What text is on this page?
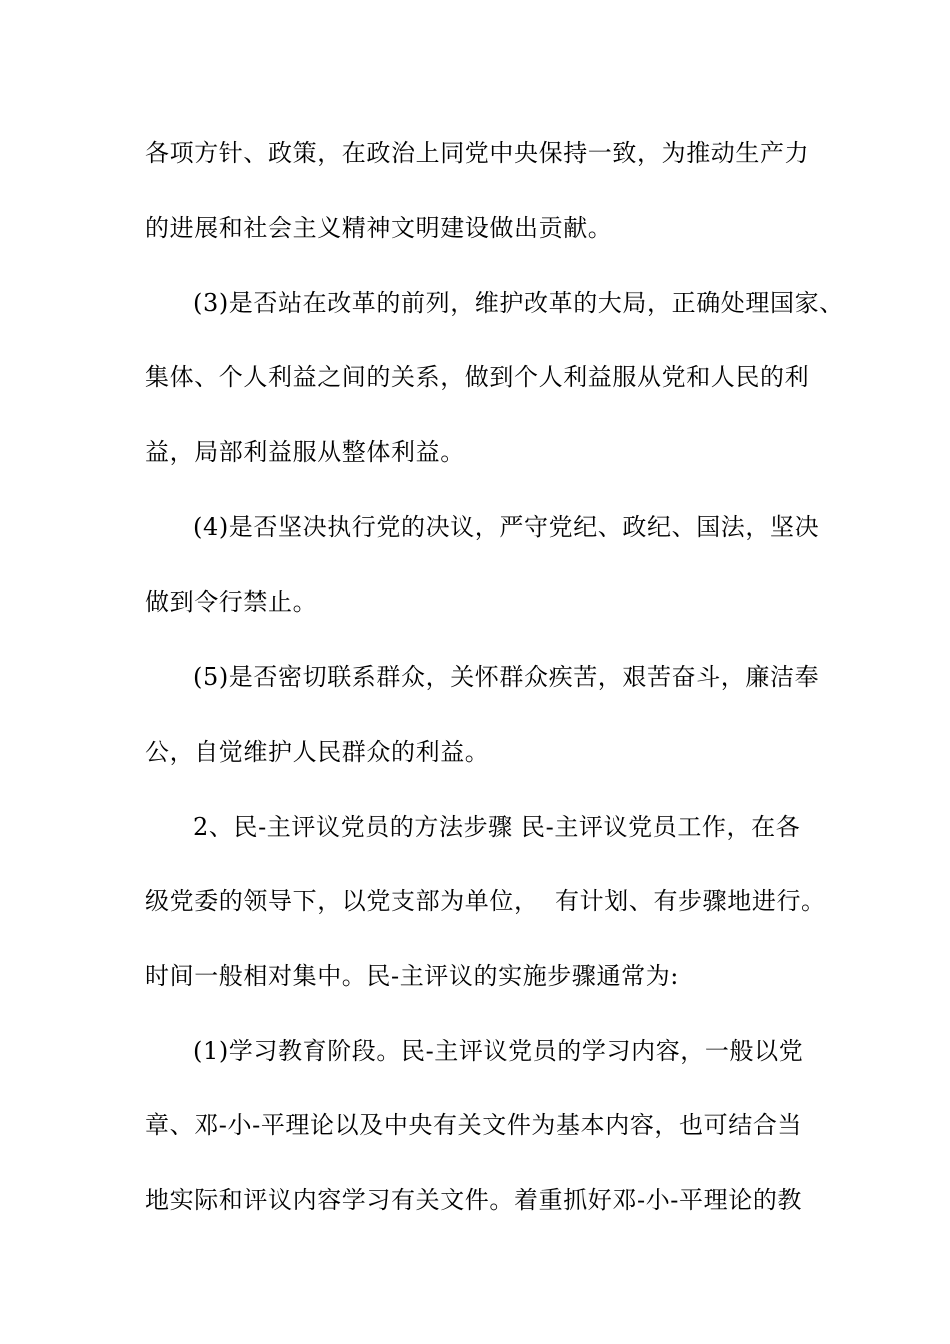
各项方针、政策，在政治上同党中央保持一致，为推动生产力
的进展和社会主义精神文明建设做出贡献。
(3)是否站在改革的前列，维护改革的大局，正确处理国家、
集体、个人利益之间的关系，做到个人利益服从党和人民的利
益，局部利益服从整体利益。
(4)是否坚决执行党的决议，严守党纪、政纪、国法，坚决
做到令行禁止。
(5)是否密切联系群众，关怀群众疾苦，艰苦奋斗，廉洁奉
公，自觉维护人民群众的利益。
2、民-主评议党员的方法步骤 民-主评议党员工作，在各
级党委的领导下，以党支部为单位，  有计划、有步骤地进行。
时间一般相对集中。民-主评议的实施步骤通常为:
(1)学习教育阶段。民-主评议党员的学习内容，一般以党
章、邓-小-平理论以及中央有关文件为基本内容，也可结合当
地实际和评议内容学习有关文件。着重抓好邓-小-平理论的教
